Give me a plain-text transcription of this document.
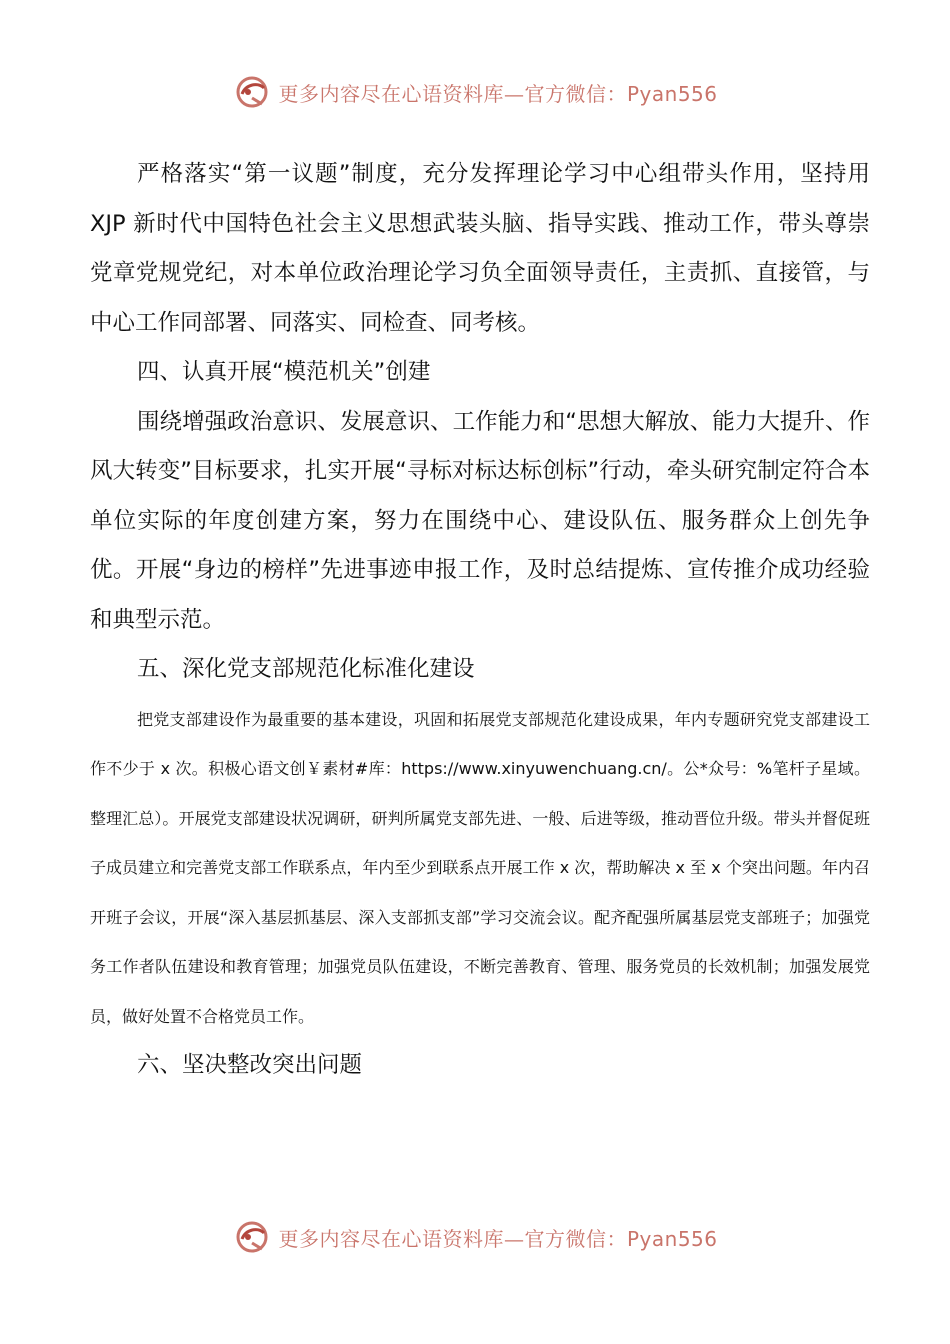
更多内容尽在心语资料库—官方微信：Pyan556

严格落实“第一议题”制度，充分发挥理论学习中心组带头作用，坚持用 XJP 新时代中国特色社会主义思想武装头脑、指导实践、推动工作，带头尊崇党章党规党纪，对本单位政治理论学习负全面领导责任，主责抓、直接管，与中心工作同部署、同落实、同检查、同考核。

四、认真开展“模范机关”创建

围绕增强政治意识、发展意识、工作能力和“思想大解放、能力大提升、作风大转变”目标要求，扎实开展“寻标对标达标创标”行动，牵头研究制定符合本单位实际的年度创建方案，努力在围绕中心、建设队伍、服务群众上创先争优。开展“身边的榜样”先进事迹申报工作，及时总结提炼、宣传推介成功经验和典型示范。

五、深化党支部规范化标准化建设

把党支部建设作为最重要的基本建设，巩固和拓展党支部规范化建设成果，年内专题研究党支部建设工作不少于 x 次。积极心语文创￥素材#库：https://www.xinyuwenchuang.cn/。公*众号：%笔杆子星域。整理汇总）。开展党支部建设状况调研，研判所属党支部先进、一般、后进等级，推动晋位升级。带头并督促班子成员建立和完善党支部工作联系点，年内至少到联系点开展工作 x 次，帮助解决 x 至 x 个突出问题。年内召开班子会议，开展“深入基层抓基层、深入支部抓支部”学习交流会议。配齐配强所属基层党支部班子；加强党务工作者队伍建设和教育管理；加强党员队伍建设，不断完善教育、管理、服务党员的长效机制；加强发展党员，做好处置不合格党员工作。

六、坚决整改突出问题

更多内容尽在心语资料库—官方微信：Pyan556
